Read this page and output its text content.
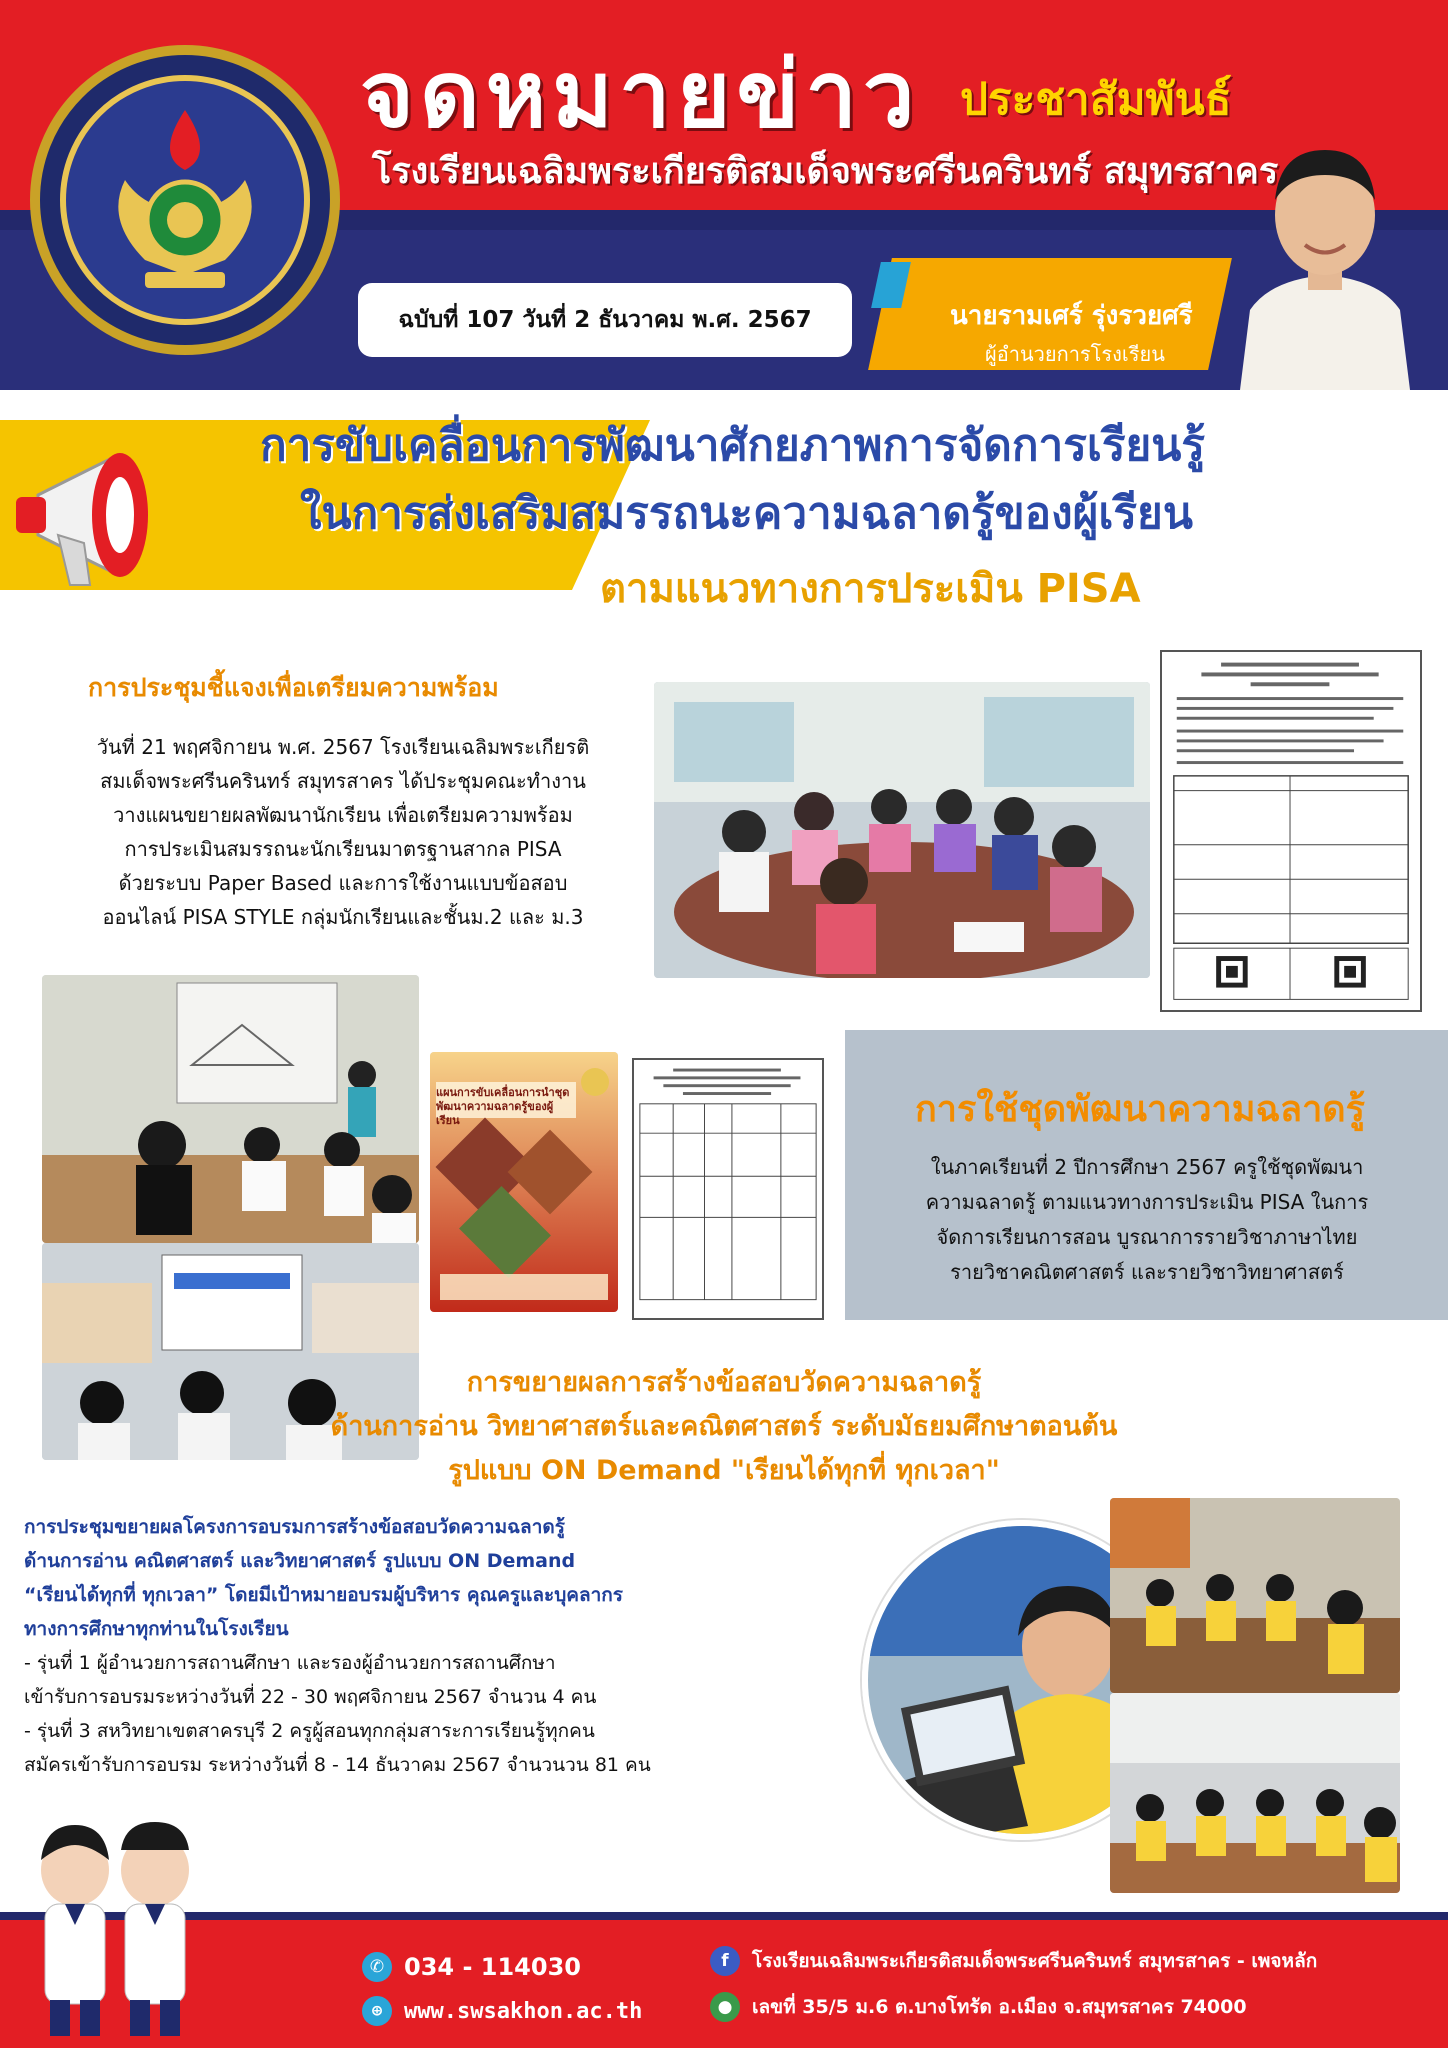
จดหมายข่าว ประชาสัมพันธ์
โรงเรียนเฉลิมพระเกียรติสมเด็จพระศรีนครินทร์ สมุทรสาคร
ฉบับที่ 107 วันที่ 2 ธันวาคม พ.ศ. 2567	นายรามเศร์ รุ่งรวยศรี
ผู้อำนวยการโรงเรียน
การขับเคลื่อนการพัฒนาศักยภาพการจัดการเรียนรู้
ในการส่งเสริมสมรรถนะความฉลาดรู้ของผู้เรียน
ตามแนวทางการประเมิน PISA
การประชุมชี้แจงเพื่อเตรียมความพร้อม
วันที่ 21 พฤศจิกายน พ.ศ. 2567 โรงเรียนเฉลิมพระเกียรติ
สมเด็จพระศรีนครินทร์ สมุทรสาคร ได้ประชุมคณะทำงาน
วางแผนขยายผลพัฒนานักเรียน เพื่อเตรียมความพร้อม
การประเมินสมรรถนะนักเรียนมาตรฐานสากล PISA
ด้วยระบบ Paper Based และการใช้งานแบบข้อสอบ
ออนไลน์ PISA STYLE กลุ่มนักเรียนและชั้นม.2 และ ม.3
แผนการขับเคลื่อนการนำชุด
พัฒนาความฉลาดรู้ของผู้เรียน	การใช้ชุดพัฒนาความฉลาดรู้
ในภาคเรียนที่ 2 ปีการศึกษา 2567 ครูใช้ชุดพัฒนา
ความฉลาดรู้ ตามแนวทางการประเมิน PISA ในการ
จัดการเรียนการสอน บูรณาการรายวิชาภาษาไทย
รายวิชาคณิตศาสตร์ และรายวิชาวิทยาศาสตร์
การขยายผลการสร้างข้อสอบวัดความฉลาดรู้
ด้านการอ่าน วิทยาศาสตร์และคณิตศาสตร์ ระดับมัธยมศึกษาตอนต้น
รูปแบบ ON Demand "เรียนได้ทุกที่ ทุกเวลา"
การประชุมขยายผลโครงการอบรมการสร้างข้อสอบวัดความฉลาดรู้
ด้านการอ่าน คณิตศาสตร์ และวิทยาศาสตร์ รูปแบบ ON Demand
“เรียนได้ทุกที่ ทุกเวลา” โดยมีเป้าหมายอบรมผู้บริหาร คุณครูและบุคลากร
ทางการศึกษาทุกท่านในโรงเรียน
- รุ่นที่ 1 ผู้อำนวยการสถานศึกษา และรองผู้อำนวยการสถานศึกษา
เข้ารับการอบรมระหว่างวันที่ 22 - 30 พฤศจิกายน 2567 จำนวน 4 คน
- รุ่นที่ 3 สหวิทยาเขตสาครบุรี 2 ครูผู้สอนทุกกลุ่มสาระการเรียนรู้ทุกคน
สมัครเข้ารับการอบรม ระหว่างวันที่ 8 - 14 ธันวาคม 2567 จำนวนวน 81 คน
✆ 034 - 114030
⊕ www.swsakhon.ac.th
f	โรงเรียนเฉลิมพระเกียรติสมเด็จพระศรีนครินทร์ สมุทรสาคร - เพจหลัก
●	เลขที่ 35/5 ม.6 ต.บางโทรัด อ.เมือง จ.สมุทรสาคร 74000
